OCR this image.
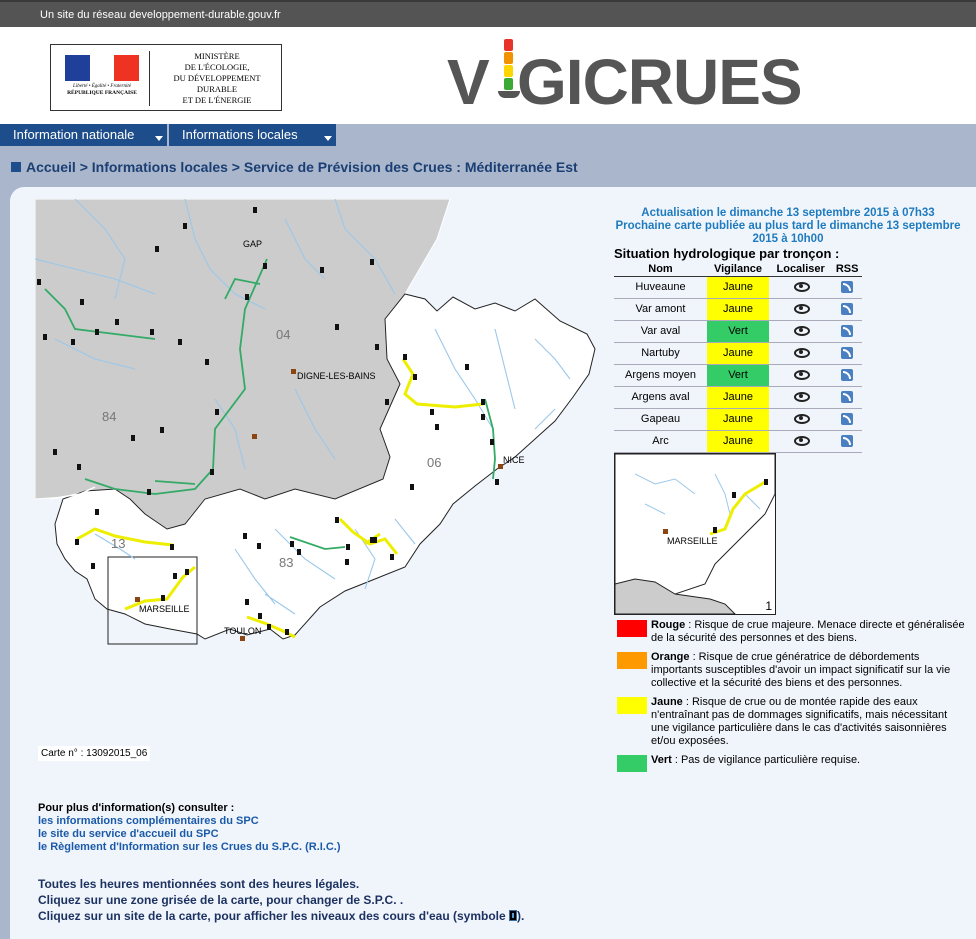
Un site du réseau developpement-durable.gouv.fr
Liberté • Égalité • Fraternité
RÉPUBLIQUE FRANÇAISE
MINISTÈRE
DE L'ÉCOLOGIE,
DU DÉVELOPPEMENT
DURABLE
ET DE L'ÉNERGIE	V GICRUES
Information nationale	Informations locales
Accueil > Informations locales > Service de Prévision des Crues : Méditerranée Est
GAP
DIGNE-LES-BAINS
NICE
MARSEILLE
TOULON
04
84
06
13
83
Carte n° : 13092015_06
Actualisation le dimanche 13 septembre 2015 à 07h33
Prochaine carte publiée au plus tard le dimanche 13 septembre 2015 à 10h00
Situation hydrologique par tronçon :
Nom	Vigilance	Localiser	RSS
Huveaune	Jaune		
Var amont	Jaune		
Var aval	Vert		
Nartuby	Jaune		
Argens moyen	Vert		
Argens aval	Jaune		
Gapeau	Jaune		
Arc	Jaune		
MARSEILLE
1
Rouge : Risque de crue majeure. Menace directe et généralisée de la sécurité des personnes et des biens.
Orange : Risque de crue génératrice de débordements importants susceptibles d'avoir un impact significatif sur la vie collective et la sécurité des biens et des personnes.
Jaune : Risque de crue ou de montée rapide des eaux n'entraînant pas de dommages significatifs, mais nécessitant une vigilance particulière dans le cas d'activités saisonnières et/ou exposées.
Vert : Pas de vigilance particulière requise.
Pour plus d'information(s) consulter :
les informations complémentaires du SPC
le site du service d'accueil du SPC
le Règlement d'Information sur les Crues du S.P.C. (R.I.C.)
Toutes les heures mentionnées sont des heures légales.
Cliquez sur une zone grisée de la carte, pour changer de S.P.C. .
Cliquez sur un site de la carte, pour afficher les niveaux des cours d'eau (symbole ).
